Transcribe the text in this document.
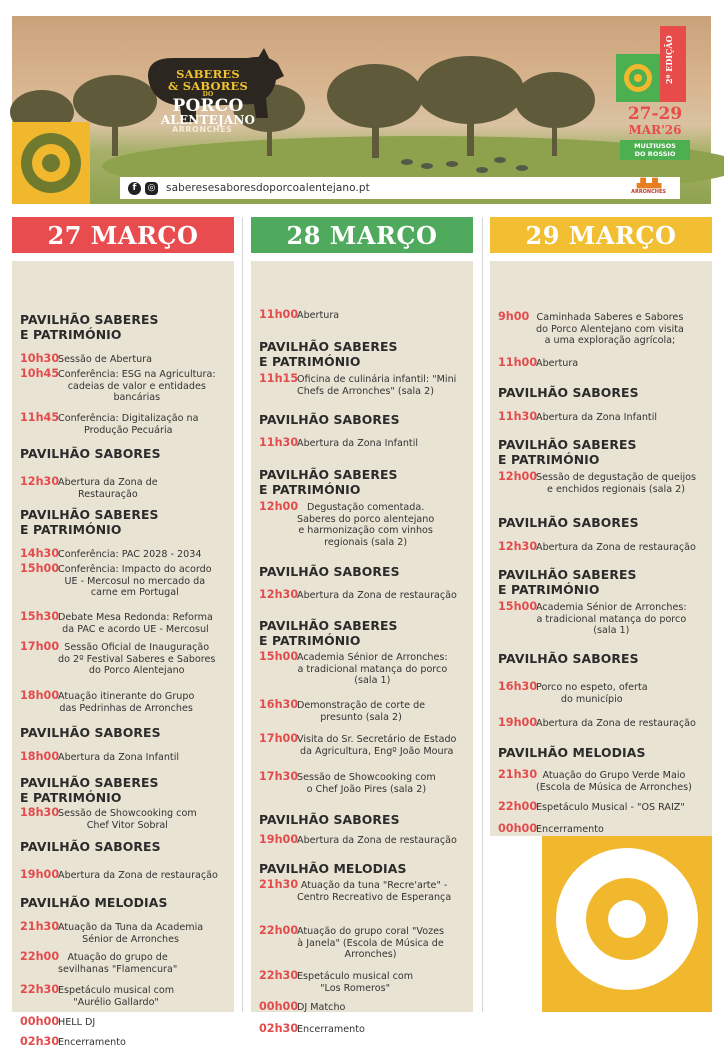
SABERES
& SABORES
DO
PORCO
ALENTEJANO
ARRONCHES
2ª EDIÇÃO
27-29
MAR'26
MULTIUSOS
DO ROSSIO
f	◎ saberesesaboresdoporcoalentejano.pt	▟▙▟▙
ARRONCHES
27 MARÇO
PAVILHÃO SABERES
E PATRIMÓNIO
10h30
Sessão de Abertura
10h45
Conferência: ESG na Agricultura:
cadeias de valor e entidades
bancárias
11h45
Conferência: Digitalização na
Produção Pecuária
PAVILHÃO SABORES
12h30
Abertura da Zona de
Restauração
PAVILHÃO SABERES
E PATRIMÓNIO
14h30
Conferência: PAC 2028 - 2034
15h00
Conferência: Impacto do acordo
UE - Mercosul no mercado da
carne em Portugal
15h30
Debate Mesa Redonda: Reforma
da PAC e acordo UE - Mercosul
17h00 Sessão Oficial de Inauguração
do 2º Festival Saberes e Sabores
do Porco Alentejano
18h00
Atuação itinerante do Grupo
das Pedrinhas de Arronches
PAVILHÃO SABORES
18h00
Abertura da Zona Infantil
PAVILHÃO SABERES
E PATRIMÓNIO
18h30
Sessão de Showcooking com
Chef Vitor Sobral
PAVILHÃO SABORES
19h00
Abertura da Zona de restauração
PAVILHÃO MELODIAS
21h30
Atuação da Tuna da Academia
Sénior de Arronches
22h00 Atuação do grupo de
sevilhanas "Flamencura"
22h30
Espetáculo musical com
"Aurélio Gallardo"
00h00
HELL DJ
02h30
Encerramento
28 MARÇO
11h00
Abertura
PAVILHÃO SABERES
E PATRIMÓNIO
11h15
Oficina de culinária infantil: "Mini
Chefs de Arronches" (sala 2)
PAVILHÃO SABORES
11h30
Abertura da Zona Infantil
PAVILHÃO SABERES
E PATRIMÓNIO
12h00 Degustação comentada.
Saberes do porco alentejano
e harmonização com vinhos
regionais (sala 2)
PAVILHÃO SABORES
12h30
Abertura da Zona de restauração
PAVILHÃO SABERES
E PATRIMÓNIO
15h00
Academia Sénior de Arronches:
a tradicional matança do porco
(sala 1)
16h30
Demonstração de corte de
presunto (sala 2)
17h00
Visita do Sr. Secretário de Estado
da Agricultura, Engº João Moura
17h30
Sessão de Showcooking com
o Chef João Pires (sala 2)
PAVILHÃO SABORES
19h00
Abertura da Zona de restauração
PAVILHÃO MELODIAS
21h30 Atuação da tuna "Recre'arte" -
Centro Recreativo de Esperança
22h00
Atuação do grupo coral "Vozes
à Janela" (Escola de Música de
Arronches)
22h30
Espetáculo musical com
"Los Romeros"
00h00
DJ Matcho
02h30
Encerramento
29 MARÇO
9h00 Caminhada Saberes e Sabores
do Porco Alentejano com visita
a uma exploração agrícola;
11h00
Abertura
PAVILHÃO SABORES
11h30
Abertura da Zona Infantil
PAVILHÃO SABERES
E PATRIMÓNIO
12h00
Sessão de degustação de queijos
e enchidos regionais (sala 2)
PAVILHÃO SABORES
12h30
Abertura da Zona de restauração
PAVILHÃO SABERES
E PATRIMÓNIO
15h00
Academia Sénior de Arronches:
a tradicional matança do porco
(sala 1)
PAVILHÃO SABORES
16h30
Porco no espeto, oferta
do município
19h00
Abertura da Zona de restauração
PAVILHÃO MELODIAS
21h30 Atuação do Grupo Verde Maio
(Escola de Música de Arronches)
22h00
Espetáculo Musical - "OS RAIZ"
00h00
Encerramento
